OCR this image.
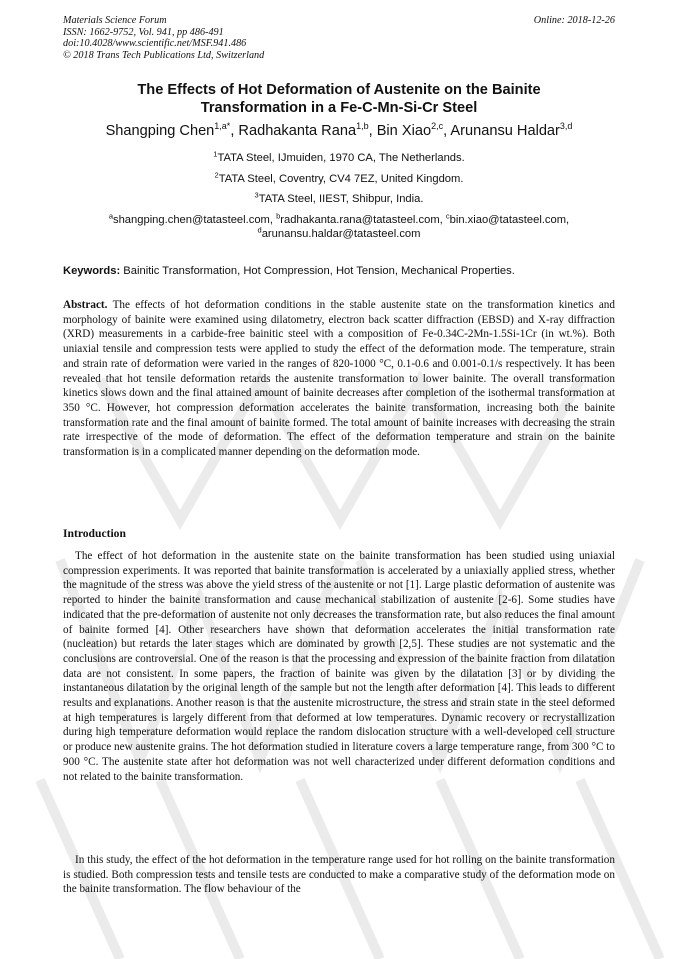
Materials Science Forum
ISSN: 1662-9752, Vol. 941, pp 486-491
doi:10.4028/www.scientific.net/MSF.941.486
© 2018 Trans Tech Publications Ltd, Switzerland
Online: 2018-12-26
The Effects of Hot Deformation of Austenite on the Bainite
Transformation in a Fe-C-Mn-Si-Cr Steel
Shangping Chen$^{1,a*}$, Radhakanta Rana$^{1,b}$, Bin Xiao$^{2,c}$, Arunansu Haldar$^{3,d}$
$^1$TATA Steel, IJmuiden, 1970 CA, The Netherlands.
$^2$TATA Steel, Coventry, CV4 7EZ, United Kingdom.
$^3$TATA Steel, IIEST, Shibpur, India.
$^a$shangping.chen@tatasteel.com, $^b$radhakanta.rana@tatasteel.com, $^c$bin.xiao@tatasteel.com,
$^d$arunansu.haldar@tatasteel.com
Keywords: Bainitic Transformation, Hot Compression, Hot Tension, Mechanical Properties.
Abstract. The effects of hot deformation conditions in the stable austenite state on the transformation kinetics and morphology of bainite were examined using dilatometry, electron back scatter diffraction (EBSD) and X-ray diffraction (XRD) measurements in a carbide-free bainitic steel with a composition of Fe-0.34C-2Mn-1.5Si-1Cr (in wt.%). Both uniaxial tensile and compression tests were applied to study the effect of the deformation mode. The temperature, strain and strain rate of deformation were varied in the ranges of 820-1000 °C, 0.1-0.6 and 0.001-0.1/s respectively. It has been revealed that hot tensile deformation retards the austenite transformation to lower bainite. The overall transformation kinetics slows down and the final attained amount of bainite decreases after completion of the isothermal transformation at 350 °C. However, hot compression deformation accelerates the bainite transformation, increasing both the bainite transformation rate and the final amount of bainite formed. The total amount of bainite increases with decreasing the strain rate irrespective of the mode of deformation. The effect of the deformation temperature and strain on the bainite transformation is in a complicated manner depending on the deformation mode.
Introduction
The effect of hot deformation in the austenite state on the bainite transformation has been studied using uniaxial compression experiments. It was reported that bainite transformation is accelerated by a uniaxially applied stress, whether the magnitude of the stress was above the yield stress of the austenite or not [1]. Large plastic deformation of austenite was reported to hinder the bainite transformation and cause mechanical stabilization of austenite [2-6]. Some studies have indicated that the pre-deformation of austenite not only decreases the transformation rate, but also reduces the final amount of bainite formed [4]. Other researchers have shown that deformation accelerates the initial transformation rate (nucleation) but retards the later stages which are dominated by growth [2,5]. These studies are not systematic and the conclusions are controversial. One of the reason is that the processing and expression of the bainite fraction from dilatation data are not consistent. In some papers, the fraction of bainite was given by the dilatation [3] or by dividing the instantaneous dilatation by the original length of the sample but not the length after deformation [4]. This leads to different results and explanations. Another reason is that the austenite microstructure, the stress and strain state in the steel deformed at high temperatures is largely different from that deformed at low temperatures. Dynamic recovery or recrystallization during high temperature deformation would replace the random dislocation structure with a well-developed cell structure or produce new austenite grains. The hot deformation studied in literature covers a large temperature range, from 300 °C to 900 °C. The austenite state after hot deformation was not well characterized under different deformation conditions and not related to the bainite transformation.
In this study, the effect of the hot deformation in the temperature range used for hot rolling on the bainite transformation is studied. Both compression tests and tensile tests are conducted to make a comparative study of the deformation mode on the bainite transformation. The flow behaviour of the
